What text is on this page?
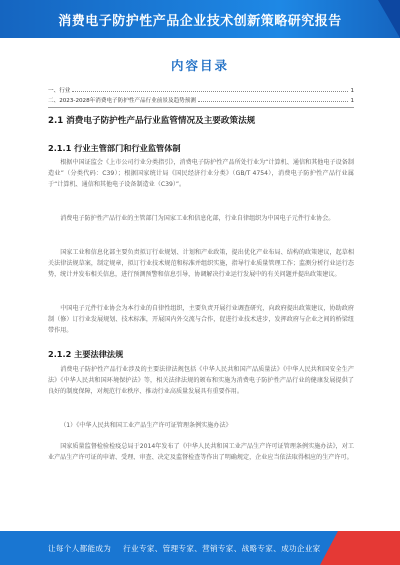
消费电子防护性产品企业技术创新策略研究报告
内容目录
一、行业	1
二、2023-2028年消费电子防护性产品行业前景及趋势预测	1
2.1 消费电子防护性产品行业监管情况及主要政策法规
2.1.1 行业主管部门和行业监管体制
根据中国证监会《上市公司行业分类指引》，消费电子防护性产品所处行业为“计算机、通信和其他电子设备制造业”（分类代码：C39）；根据国家统计局《国民经济行业分类》（GB/T 4754），消费电子防护性产品行业属于“计算机、通信和其他电子设备制造业（C39）”。
消费电子防护性产品行业的主管部门为国家工业和信息化部，行业自律组织为中国电子元件行业协会。
国家工业和信息化部主要负责拟订行业规划、计划和产业政策，提出优化产业布局、结构的政策建议，起草相关法律法规草案，制定规章，拟订行业技术规范和标准并组织实施，指导行业质量管理工作；监测分析行业运行态势，统计并发布相关信息，进行预测预警和信息引导，协调解决行业运行发展中的有关问题并提出政策建议。
中国电子元件行业协会为本行业的自律性组织，主要负责开展行业调查研究，向政府提出政策建议，协助政府制（修）订行业发展规划、技术标准，开展国内外交流与合作，促进行业技术进步，发挥政府与企业之间的桥梁纽带作用。
2.1.2 主要法律法规
消费电子防护性产品行业涉及的主要法律法规包括《中华人民共和国产品质量法》《中华人民共和国安全生产法》《中华人民共和国环境保护法》等，相关法律法规的颁布和实施为消费电子防护性产品行业的健康发展提供了良好的制度保障，对规范行业秩序、推动行业高质量发展具有重要作用。
（1）《中华人民共和国工业产品生产许可证管理条例实施办法》
国家质量监督检验检疫总局于2014年发布了《中华人民共和国工业产品生产许可证管理条例实施办法》，对工业产品生产许可证的申请、受理、审查、决定及监督检查等作出了明确规定，企业应当依法取得相应的生产许可。
让每个人都能成为 行业专家 、 管理专家 、 营销专家 、 战略专家 、 成功企业家
